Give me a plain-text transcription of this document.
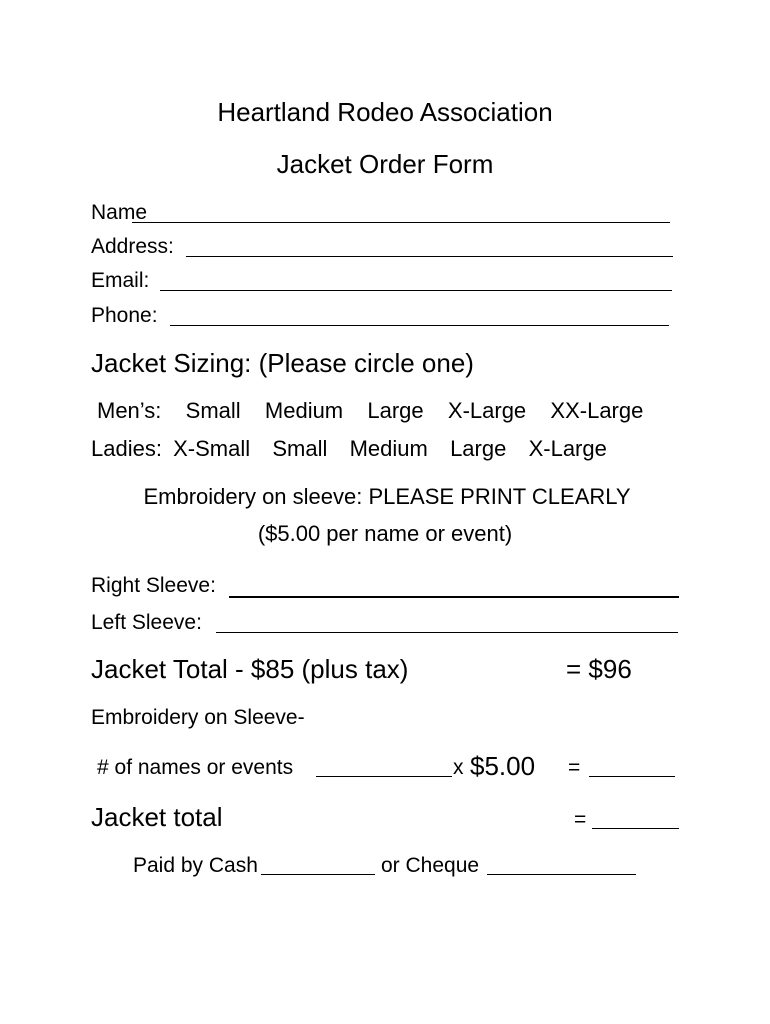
Heartland Rodeo Association
Jacket Order Form
Name
Address:
Email:
Phone:
Jacket Sizing: (Please circle one)
Men’s: Small Medium Large X-Large XX-Large
Ladies: X-Small Small Medium Large X-Large
Embroidery on sleeve: PLEASE PRINT CLEARLY
($5.00 per name or event)
Right Sleeve:
Left Sleeve:
Jacket Total - $85 (plus tax)	= $96
Embroidery on Sleeve-
# of names or events	x $5.00 =
Jacket total	=
Paid by Cash	or Cheque
